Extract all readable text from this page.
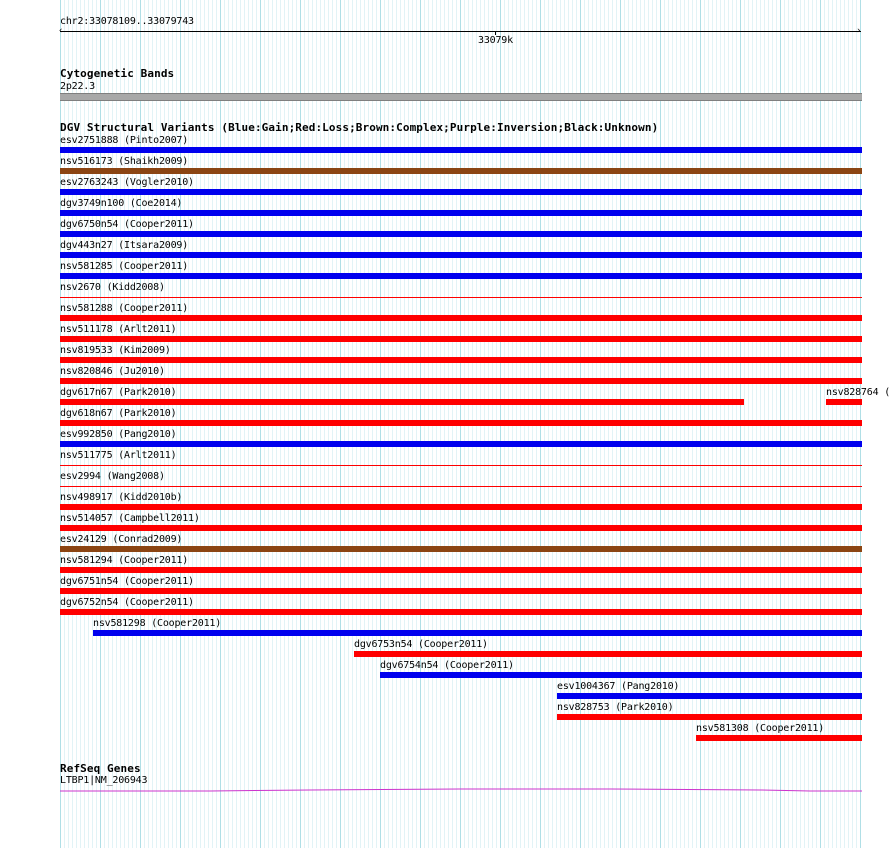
chr2:33078109..33079743
‹	›
33079k
Cytogenetic Bands
2p22.3
DGV Structural Variants (Blue:Gain;Red:Loss;Brown:Complex;Purple:Inversion;Black:Unknown)
esv2751888 (Pinto2007)
nsv516173 (Shaikh2009)
esv2763243 (Vogler2010)
dgv3749n100 (Coe2014)
dgv6750n54 (Cooper2011)
dgv443n27 (Itsara2009)
nsv581285 (Cooper2011)
nsv2670 (Kidd2008)
nsv581288 (Cooper2011)
nsv511178 (Arlt2011)
nsv819533 (Kim2009)
nsv820846 (Ju2010)
dgv617n67 (Park2010)
dgv618n67 (Park2010)
esv992850 (Pang2010)
nsv511775 (Arlt2011)
esv2994 (Wang2008)
nsv498917 (Kidd2010b)
nsv514057 (Campbell2011)
esv24129 (Conrad2009)
nsv581294 (Cooper2011)
dgv6751n54 (Cooper2011)
dgv6752n54 (Cooper2011)
nsv581298 (Cooper2011)
dgv6753n54 (Cooper2011)
dgv6754n54 (Cooper2011)
esv1004367 (Pang2010)
nsv828753 (Park2010)
nsv581308 (Cooper2011)
nsv828764 (
RefSeq Genes
LTBP1|NM_206943
